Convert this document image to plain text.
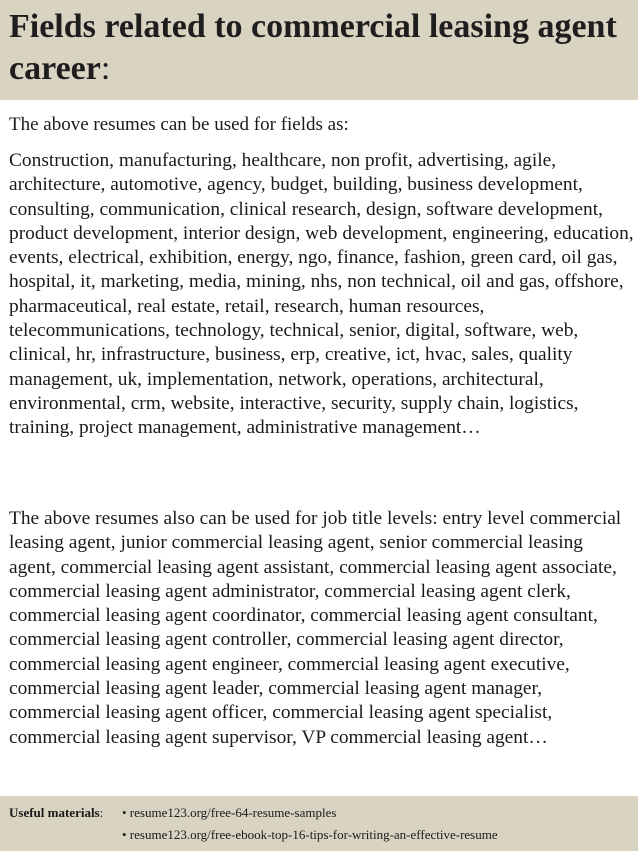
Fields related to commercial leasing agent career:

The above resumes can be used for fields as:

Construction, manufacturing, healthcare, non profit, advertising, agile, architecture, automotive, agency, budget, building, business development, consulting, communication, clinical research, design, software development, product development, interior design, web development, engineering, education, events, electrical, exhibition, energy, ngo, finance, fashion, green card, oil gas, hospital, it, marketing, media, mining, nhs, non technical, oil and gas, offshore, pharmaceutical, real estate, retail, research, human resources, telecommunications, technology, technical, senior, digital, software, web, clinical, hr, infrastructure, business, erp, creative, ict, hvac, sales, quality management, uk, implementation, network, operations, architectural, environmental, crm, website, interactive, security, supply chain, logistics, training, project management, administrative management…

The above resumes also can be used for job title levels: entry level commercial leasing agent, junior commercial leasing agent, senior commercial leasing agent, commercial leasing agent assistant, commercial leasing agent associate, commercial leasing agent administrator, commercial leasing agent clerk, commercial leasing agent coordinator, commercial leasing agent consultant, commercial leasing agent controller, commercial leasing agent director, commercial leasing agent engineer, commercial leasing agent executive, commercial leasing agent leader, commercial leasing agent manager, commercial leasing agent officer, commercial leasing agent specialist, commercial leasing agent supervisor, VP commercial leasing agent…

Useful materials: • resume123.org/free-64-resume-samples
• resume123.org/free-ebook-top-16-tips-for-writing-an-effective-resume
